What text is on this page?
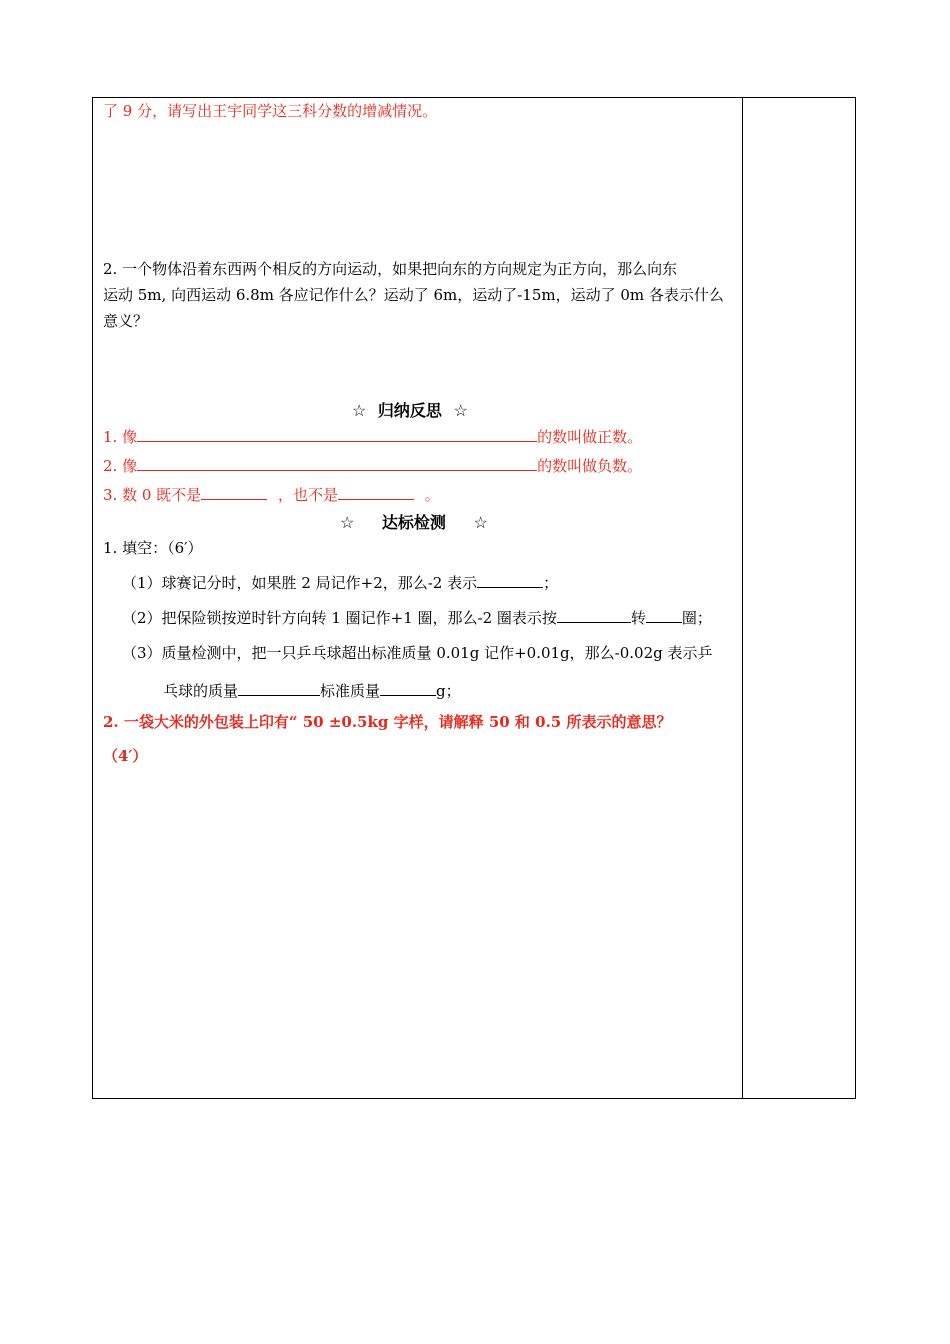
了 9 分，请写出王宇同学这三科分数的增减情况。
2. 一个物体沿着东西两个相反的方向运动，如果把向东的方向规定为正方向，那么向东
运动 5m, 向西运动 6.8m 各应记作什么？运动了 6m，运动了-15m，运动了 0m 各表示什么
意义？
☆ 归纳反思 ☆
1. 像	的数叫做正数。
2. 像	的数叫做负数。
3. 数 0 既不是	，也不是	。
☆ 达标检测 ☆
1. 填空：（6′）
（1）球赛记分时，如果胜 2 局记作+2，那么-2 表示	；
（2）把保险锁按逆时针方向转 1 圈记作+1 圈，那么-2 圈表示按	转 圈；
（3）质量检测中，把一只乒乓球超出标准质量 0.01g 记作+0.01g，那么-0.02g 表示乒
乓球的质量	标准质量	g；
2. 一袋大米的外包装上印有“ 50 ±0.5kg 字样，请解释 50 和 0.5 所表示的意思？
（4′）
